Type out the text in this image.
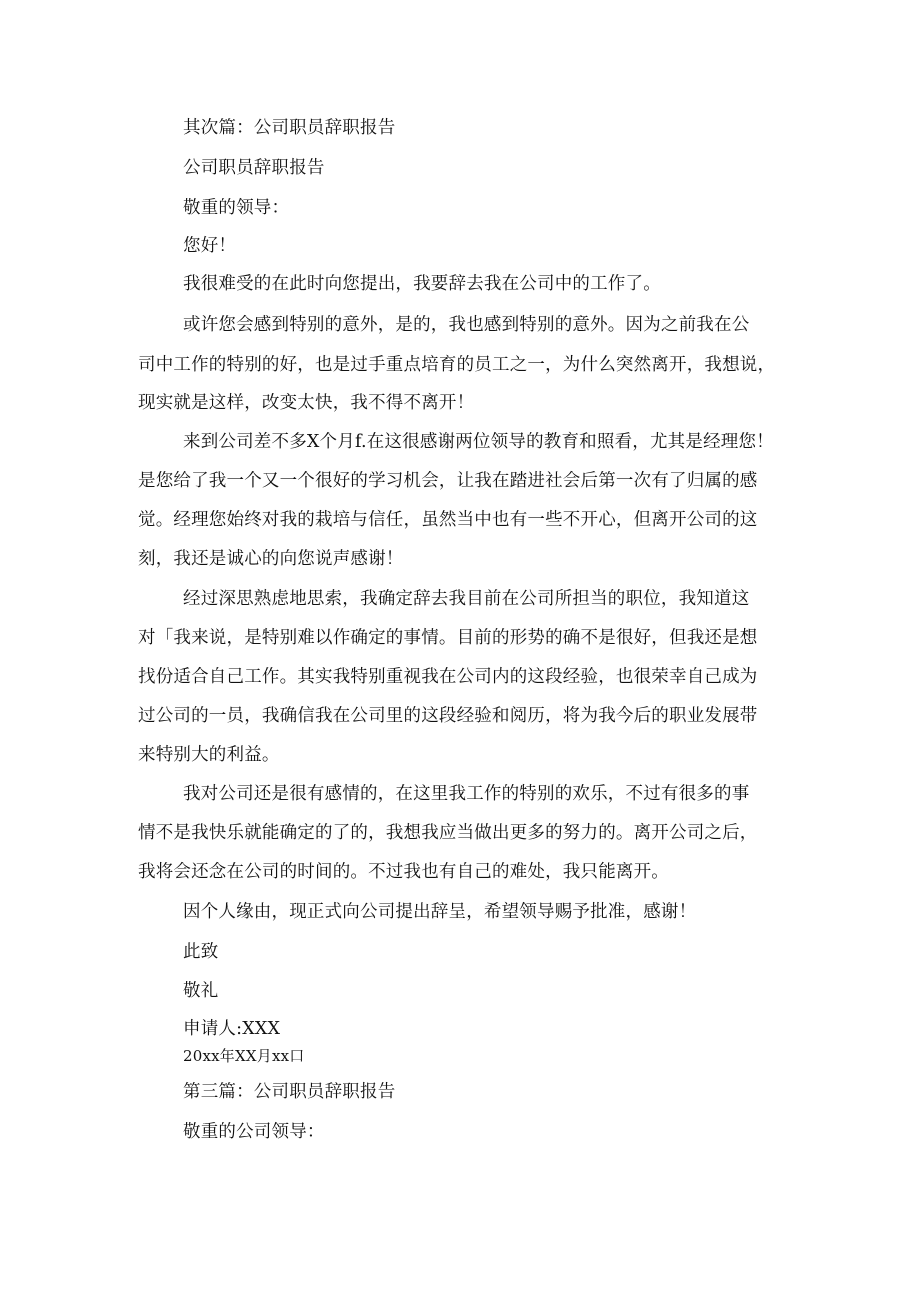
其次篇：公司职员辞职报告
公司职员辞职报告
敬重的领导：
您好！
我很难受的在此时向您提出，我要辞去我在公司中的工作了。
或许您会感到特别的意外，是的，我也感到特别的意外。因为之前我在公
司中工作的特别的好，也是过手重点培育的员工之一，为什么突然离开，我想说，
现实就是这样，改变太快，我不得不离开！
来到公司差不多X个月f.在这很感谢两位领导的教育和照看，尤其是经理您！
是您给了我一个又一个很好的学习机会，让我在踏进社会后第一次有了归属的感
觉。经理您始终对我的栽培与信任，虽然当中也有一些不开心，但离开公司的这
刻，我还是诚心的向您说声感谢！
经过深思熟虑地思索，我确定辞去我目前在公司所担当的职位，我知道这
对「我来说，是特别难以作确定的事情。目前的形势的确不是很好，但我还是想
找份适合自己工作。其实我特别重视我在公司内的这段经验，也很荣幸自己成为
过公司的一员，我确信我在公司里的这段经验和阅历，将为我今后的职业发展带
来特别大的利益。
我对公司还是很有感情的，在这里我工作的特别的欢乐，不过有很多的事
情不是我快乐就能确定的了的，我想我应当做出更多的努力的。离开公司之后，
我将会还念在公司的时间的。不过我也有自己的难处，我只能离开。
因个人缘由，现正式向公司提出辞呈，希望领导赐予批准，感谢！
此致
敬礼
申请人:XXX
20xx年XX月xx口
第三篇：公司职员辞职报告
敬重的公司领导：
